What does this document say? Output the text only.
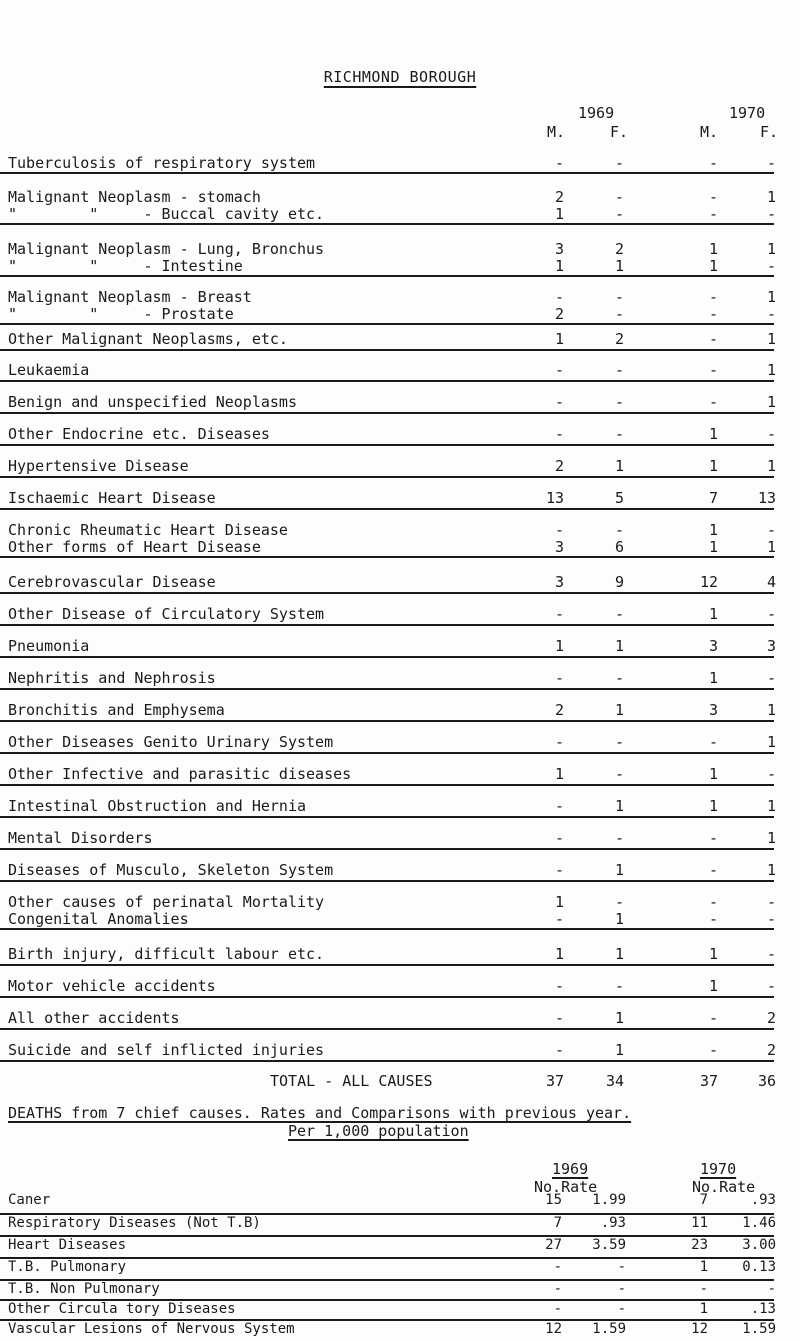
RICHMOND BOROUGH
1969	1970
M.	F.	M.	F.
Tuberculosis of respiratory system	-	-	-	-
Malignant Neoplasm - stomach	2	-	-	1
"        "     - Buccal cavity etc.	1	-	-	-
Malignant Neoplasm - Lung, Bronchus	3	2	1	1
"        "     - Intestine	1	1	1	-
Malignant Neoplasm - Breast	-	-	-	1
"        "     - Prostate	2	-	-	-
Other Malignant Neoplasms, etc.	1	2	-	1
Leukaemia	-	-	-	1
Benign and unspecified Neoplasms	-	-	-	1
Other Endocrine etc. Diseases	-	-	1	-
Hypertensive Disease	2	1	1	1
Ischaemic Heart Disease	13	5	7	13
Chronic Rheumatic Heart Disease	-	-	1	-
Other forms of Heart Disease	3	6	1	1
Cerebrovascular Disease	3	9	12	4
Other Disease of Circulatory System	-	-	1	-
Pneumonia	1	1	3	3
Nephritis and Nephrosis	-	-	1	-
Bronchitis and Emphysema	2	1	3	1
Other Diseases Genito Urinary System	-	-	-	1
Other Infective and parasitic diseases	1	-	1	-
Intestinal Obstruction and Hernia	-	1	1	1
Mental Disorders	-	-	-	1
Diseases of Musculo, Skeleton System	-	1	-	1
Other causes of perinatal Mortality	1	-	-	-
Congenital Anomalies	-	1	-	-
Birth injury, difficult labour etc.	1	1	1	-
Motor vehicle accidents	-	-	1	-
All other accidents	-	1	-	2
Suicide and self inflicted injuries	-	1	-	2
TOTAL - ALL CAUSES	37	34	37	36
DEATHS from 7 chief causes. Rates and Comparisons with previous year.
Per 1,000 population
1969	1970
No.Rate	No.Rate
Caner	15	1.99	7	.93
Respiratory Diseases (Not T.B)	7	.93	11	1.46
Heart Diseases	27	3.59	23	3.00
T.B. Pulmonary	-	-	1	0.13
T.B. Non Pulmonary	-	-	-	-
Other Circula tory Diseases	-	-	1	.13
Vascular Lesions of Nervous System	12	1.59	12	1.59
